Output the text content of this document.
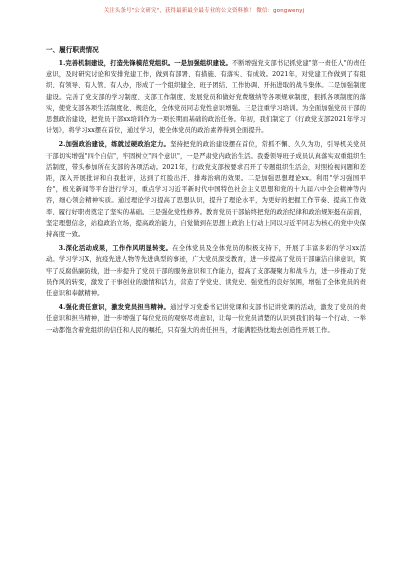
关注头条号"公文研究"，获得最新最全最专业的公文资料推！ 微信：gongwenyj
一、履行职责情况

1.完善机制建设，打造先锋模范党组织。一是加强组织建设。不断增强党支部书记抓党建"第一责任人"的责任意识，及时研究讨论和安排党建工作，做到有部署、有措施、有落实、有成效。2021年，对党建工作做到了有组织、有领导、有人管、有人办，形成了一个组织健全、班子团结、工作协调、开拓进取的战斗集体。二是加强制度建设。完善了党支部的学习制度、支部工作制度、发展党员和做好党费缴纳等各项规章制度，狠抓各项制度的落实，使党支部各项生活制度化、规范化，全体党员同志党性意识增强。三是注重学习培训。为全面加强党员干部的思想政治建设，把党员干部xx培训作为一项长期而基础的政治任务。年初，我们制定了《行政党支部2021年学习计划》，将学习xx摆在首位，通过学习，使全体党员的政治素养得到全面提升。

2.加强政治建设，练就过硬政治定力。坚持把党的政治建设摆在首位，常抓不懈、久久为功，引导机关党员干部切实增强"四个自信"，牢固树立"四个意识"，一是严肃党内政治生活。我委领导班子成员认真落实双重组织生活制度，带头参加所在支部的各项活动。2021年，行政党支部按要求召开了专题组织生活会，对照检视问题和差距，深入开展批评和自我批评，达到了红脸出汗、排毒治病的效果。二是加强思想理论xx。利用"学习强国平台"，极光新闻等平台进行学习，重点学习习近平新时代中国特色社会主义思想和党的十九届六中全会精神等内容，细心领会精神实质。通过理论学习提高了思想认识，提升了理论水平，为更好的把握工作节奏、提高工作效率、履行好职责奠定了坚实的基础。三是强化党性修养。教育党员干部始终把党的政治纪律和政治规矩挺在前面，坚定理想信念，站稳政治立场，提高政治能力，自觉做到在思想上政治上行动上同以习近平同志为核心的党中央保持高度一致。

3.深化活动成果，工作作风明显转变。在全体党员及全体党员的积极支持下，开展了丰富多彩的学习xx活动。学习学习X，抗疫先进人物等先进典型的事迹，广大党员深受教育，进一步提高了党员干部廉洁自律意识，筑牢了反腐倡廉防线，进一步提升了党员干部的服务意识和工作能力，提高了支部凝聚力和战斗力，进一步推动了党员作风的转变，激发了干事创业的激情和活力，营造了学党史、读党史、强党性的良好氛围，增强了全体党员的责任意识和奉献精神。

4.强化责任意识，激发党员担当精神。通过学习党委书记讲党课和支部书记讲党课的活动，激发了党员的责任意识和担当精神，进一步增强了每位党员的观察尽责意识，让每一位党员清楚的认识到我们的每一个行动、一举一动都饱含着党组织的信任和人民的嘱托，只有强大的责任担当，才能满腔热忱地去创造性开展工作。
